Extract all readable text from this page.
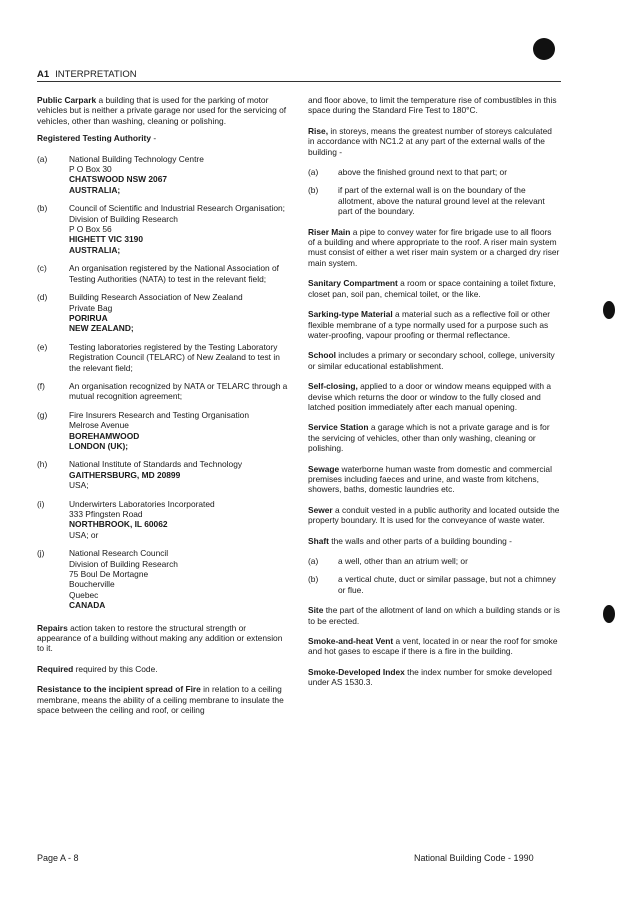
A1 INTERPRETATION

Public Carpark a building that is used for the parking of motor vehicles but is neither a private garage nor used for the servicing of vehicles, other than washing, cleaning or polishing.

Registered Testing Authority -

(a)	National Building Technology Centre
P O Box 30
CHATSWOOD NSW 2067
AUSTRALIA;
(b)	Council of Scientific and Industrial Research Organisation; Division of Building Research
P O Box 56
HIGHETT VIC 3190
AUSTRALIA;
(c)	An organisation registered by the National Association of Testing Authorities (NATA) to test in the relevant field;
(d)	Building Research Association of New Zealand
Private Bag
PORIRUA
NEW ZEALAND;
(e)	Testing laboratories registered by the Testing Laboratory Registration Council (TELARC) of New Zealand to test in the relevant field;
(f)	An organisation recognized by NATA or TELARC through a mutual recognition agreement;
(g)	Fire Insurers Research and Testing Organisation
Melrose Avenue
BOREHAMWOOD
LONDON (UK);
(h)	National Institute of Standards and Technology
GAITHERSBURG, MD 20899
USA;
(i)	Underwirters Laboratories Incorporated
333 Pfingsten Road
NORTHBROOK, IL 60062
USA; or
(j)	National Research Council
Division of Building Research
75 Boul De Mortagne
Boucherville
Quebec
CANADA

Repairs action taken to restore the structural strength or appearance of a building without making any addition or extension to it.

Required required by this Code.

Resistance to the incipient spread of Fire in relation to a ceiling membrane, means the ability of a ceiling membrane to insulate the space between the ceiling and roof, or ceiling

and floor above, to limit the temperature rise of combustibles in this space during the Standard Fire Test to 180°C.

Rise, in storeys, means the greatest number of storeys calculated in accordance with NC1.2 at any part of the external walls of the building -

(a)	above the finished ground next to that part; or
(b)	if part of the external wall is on the boundary of the allotment, above the natural ground level at the relevant part of the boundary.

Riser Main a pipe to convey water for fire brigade use to all floors of a building and where appropriate to the roof. A riser main system must consist of either a wet riser main system or a charged dry riser main system.

Sanitary Compartment a room or space containing a toilet fixture, closet pan, soil pan, chemical toilet, or the like.

Sarking-type Material a material such as a reflective foil or other flexible membrane of a type normally used for a purpose such as water-proofing, vapour proofing or thermal reflectance.

School includes a primary or secondary school, college, university or similar educational establishment.

Self-closing, applied to a door or window means equipped with a devise which returns the door or window to the fully closed and latched position immediately after each manual opening.

Service Station a garage which is not a private garage and is for the servicing of vehicles, other than only washing, cleaning or polishing.

Sewage waterborne human waste from domestic and commercial premises including faeces and urine, and waste from kitchens, showers, baths, domestic laundries etc.

Sewer a conduit vested in a public authority and located outside the property boundary. It is used for the conveyance of waste water.

Shaft the walls and other parts of a building bounding -

(a)	a well, other than an atrium well; or
(b)	a vertical chute, duct or similar passage, but not a chimney or flue.

Site the part of the allotment of land on which a building stands or is to be erected.

Smoke-and-heat Vent a vent, located in or near the roof for smoke and hot gases to escape if there is a fire in the building.

Smoke-Developed Index the index number for smoke developed under AS 1530.3.

Page A - 8	National Building Code - 1990
